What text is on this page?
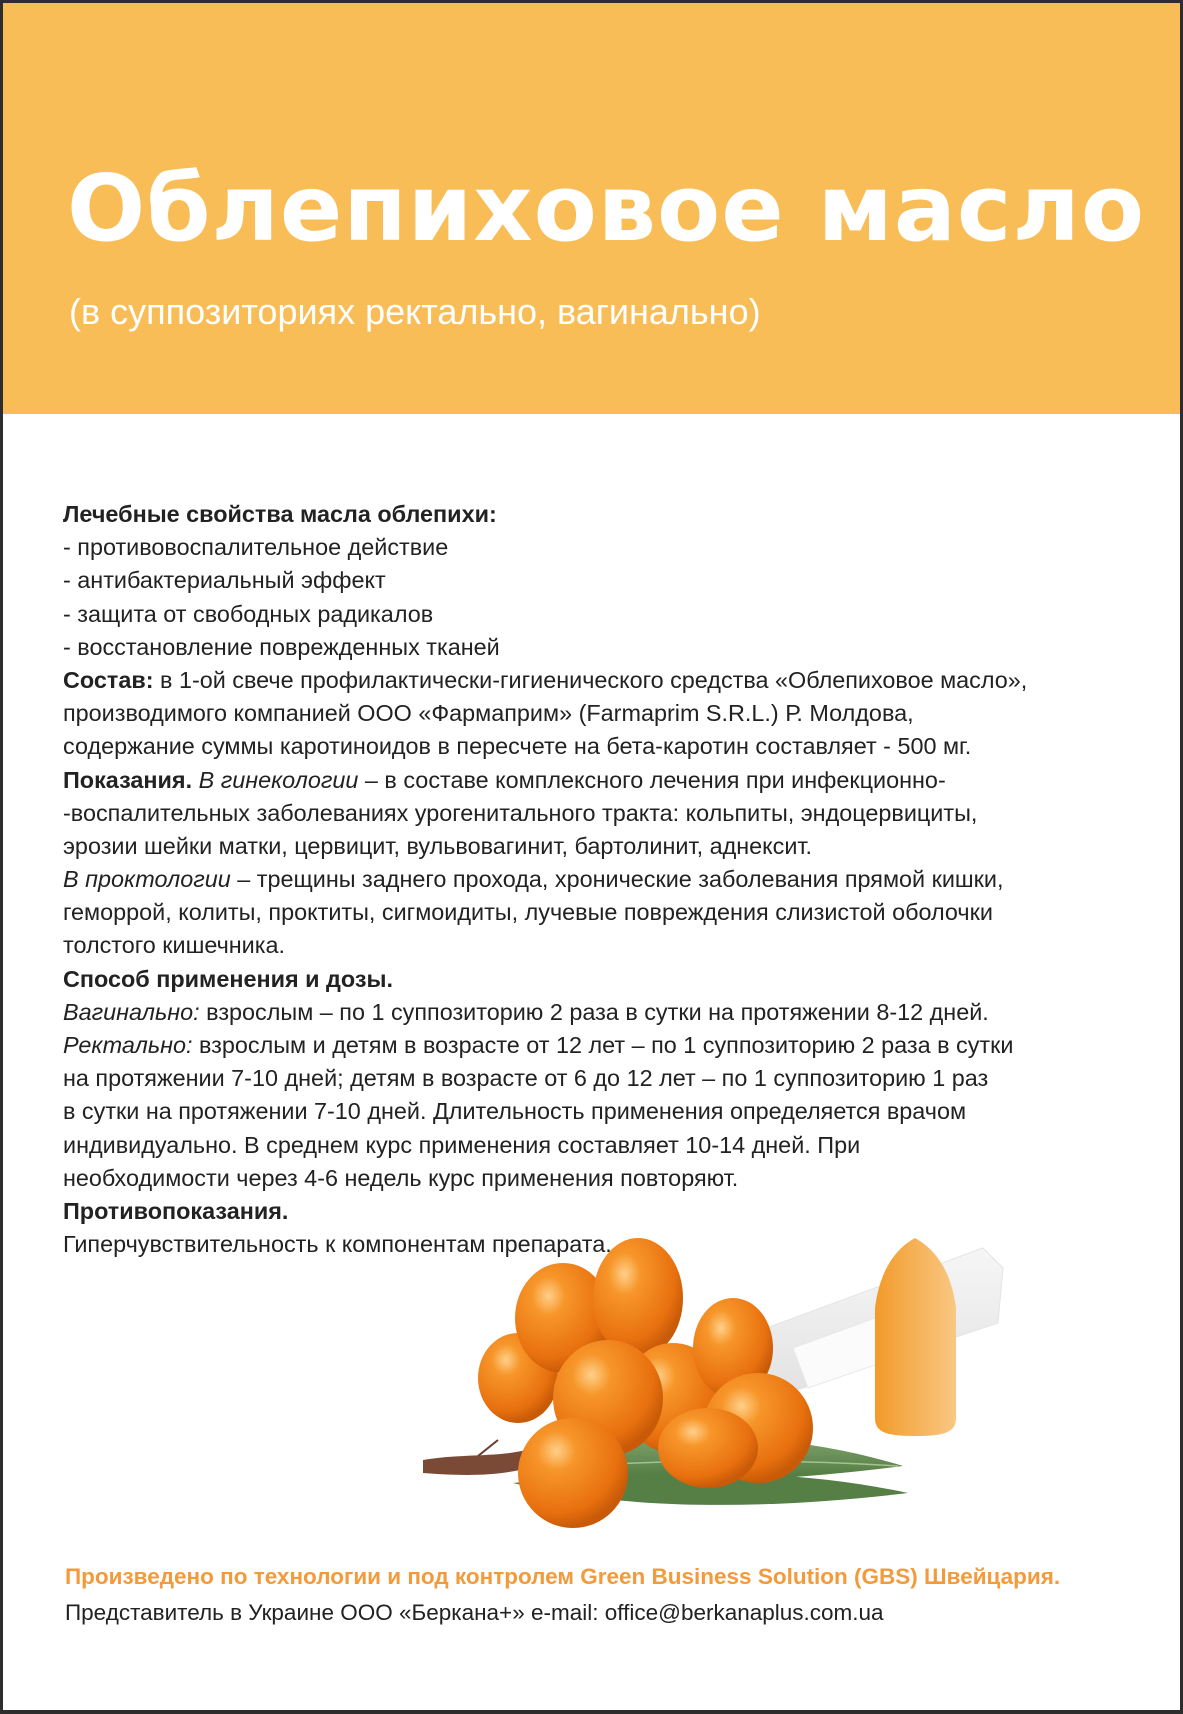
Облепиховое масло
(в суппозиториях ректально, вагинально)
Лечебные свойства масла облепихи:
- противовоспалительное действие
- антибактериальный эффект
- защита от свободных радикалов
- восстановление поврежденных тканей
Состав: в 1-ой свече профилактически-гигиенического средства «Облепиховое масло»,
производимого компанией ООО «Фармаприм» (Farmaprim S.R.L.) Р. Молдова,
содержание суммы каротиноидов в пересчете на бета-каротин составляет - 500 мг.
Показания. В гинекологии – в составе комплексного лечения при инфекционно-
-воспалительных заболеваниях урогенитального тракта: кольпиты, эндоцервициты,
эрозии шейки матки, цервицит, вульвовагинит, бартолинит, аднексит.
В проктологии – трещины заднего прохода, хронические заболевания прямой кишки,
геморрой, колиты, проктиты, сигмоидиты, лучевые повреждения слизистой оболочки
толстого кишечника.
Способ применения и дозы.
Вагинально: взрослым – по 1 суппозиторию 2 раза в сутки на протяжении 8-12 дней.
Ректально: взрослым и детям в возрасте от 12 лет – по 1 суппозиторию 2 раза в сутки
на протяжении 7-10 дней; детям в возрасте от 6 до 12 лет – по 1 суппозиторию 1 раз
в сутки на протяжении 7-10 дней. Длительность применения определяется врачом
индивидуально. В среднем курс применения составляет 10-14 дней. При
необходимости через 4-6 недель курс применения повторяют.
Противопоказания.
Гиперчувствительность к компонентам препарата.
Произведено по технологии и под контролем Green Business Solution (GBS) Швейцария.
Представитель в Украине ООО «Беркана+» e-mail: office@berkanaplus.com.ua
